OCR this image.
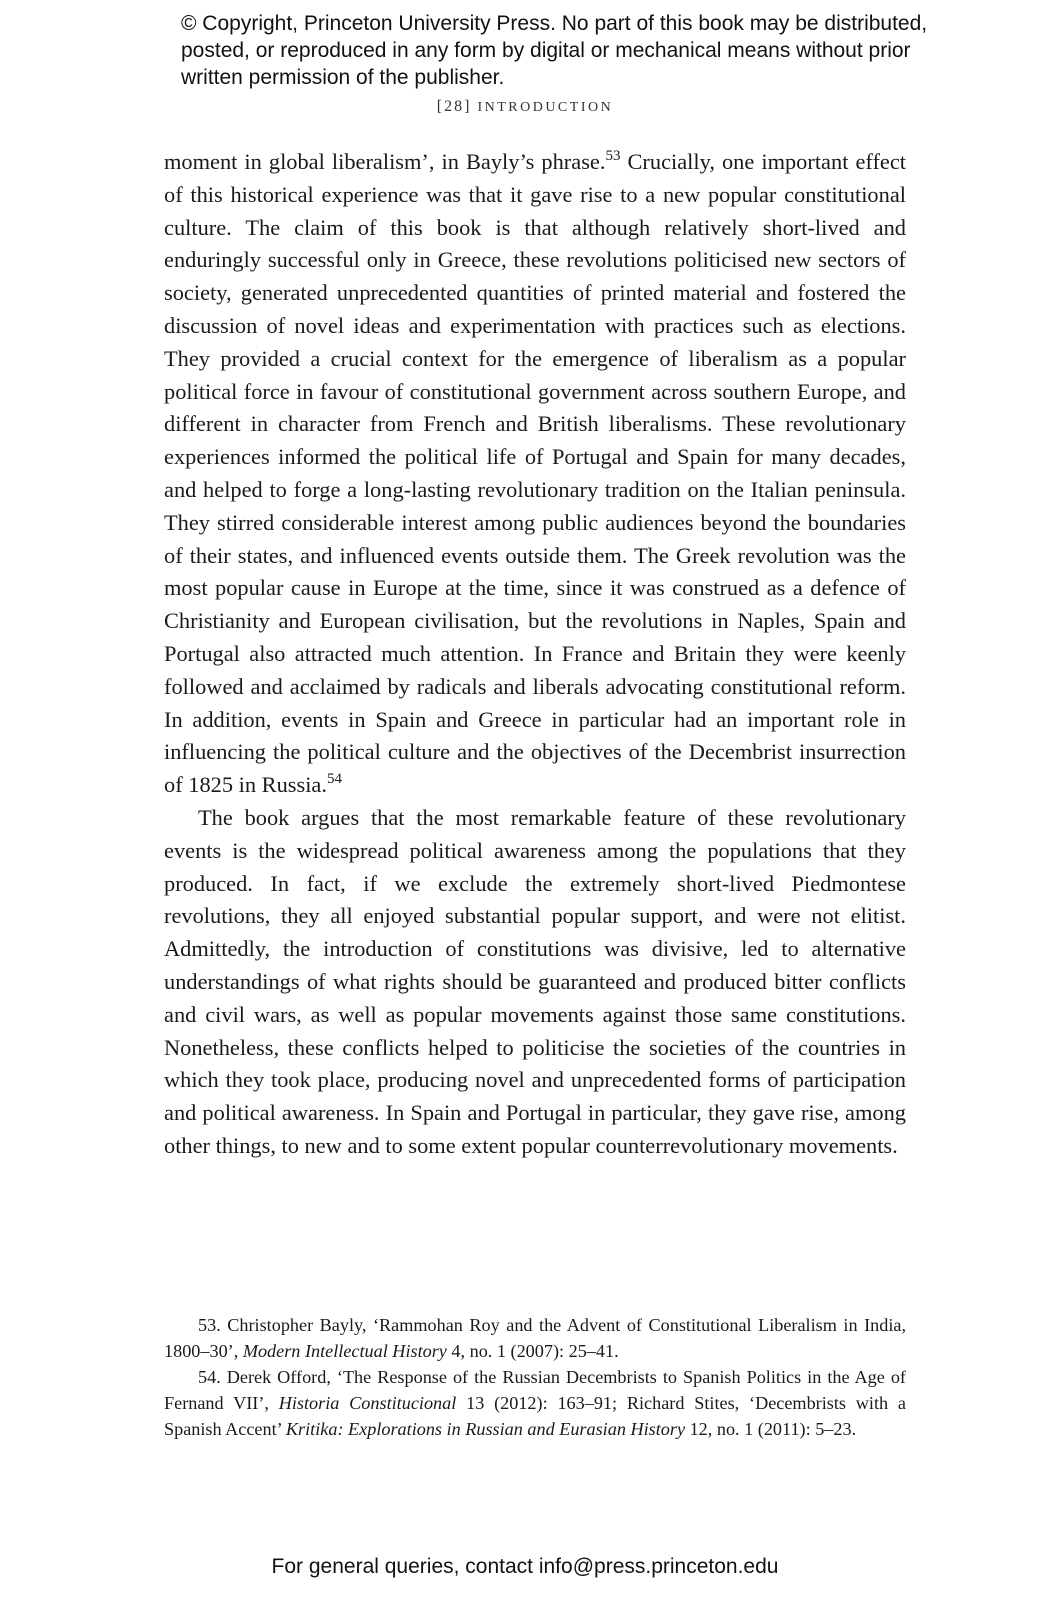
© Copyright, Princeton University Press. No part of this book may be distributed, posted, or reproduced in any form by digital or mechanical means without prior written permission of the publisher.

[28] INTRODUCTION

moment in global liberalism’, in Bayly’s phrase.$^{53}$ Crucially, one important effect of this historical experience was that it gave rise to a new popular constitutional culture. The claim of this book is that although relatively short-lived and enduringly successful only in Greece, these revolutions politicised new sectors of society, generated unprecedented quantities of printed material and fostered the discussion of novel ideas and experimentation with practices such as elections. They provided a crucial context for the emergence of liberalism as a popular political force in favour of constitutional government across southern Europe, and different in character from French and British liberalisms. These revolutionary experiences informed the political life of Portugal and Spain for many decades, and helped to forge a long-lasting revolutionary tradition on the Italian peninsula. They stirred considerable interest among public audiences beyond the boundaries of their states, and influenced events outside them. The Greek revolution was the most popular cause in Europe at the time, since it was construed as a defence of Christianity and European civilisation, but the revolutions in Naples, Spain and Portugal also attracted much attention. In France and Britain they were keenly followed and acclaimed by radicals and liberals advocating constitutional reform. In addition, events in Spain and Greece in particular had an important role in influencing the political culture and the objectives of the Decembrist insurrection of 1825 in Russia.$^{54}$

The book argues that the most remarkable feature of these revolutionary events is the widespread political awareness among the populations that they produced. In fact, if we exclude the extremely short-lived Piedmontese revolutions, they all enjoyed substantial popular support, and were not elitist. Admittedly, the introduction of constitutions was divisive, led to alternative understandings of what rights should be guaranteed and produced bitter conflicts and civil wars, as well as popular movements against those same constitutions. Nonetheless, these conflicts helped to politicise the societies of the countries in which they took place, producing novel and unprecedented forms of participation and political awareness. In Spain and Portugal in particular, they gave rise, among other things, to new and to some extent popular counterrevolutionary movements.

53. Christopher Bayly, ‘Rammohan Roy and the Advent of Constitutional Liberalism in India, 1800–30’, Modern Intellectual History 4, no. 1 (2007): 25–41.

54. Derek Offord, ‘The Response of the Russian Decembrists to Spanish Politics in the Age of Fernand VII’, Historia Constitucional 13 (2012): 163–91; Richard Stites, ‘Decembrists with a Spanish Accent’ Kritika: Explorations in Russian and Eurasian History 12, no. 1 (2011): 5–23.

For general queries, contact info@press.princeton.edu
